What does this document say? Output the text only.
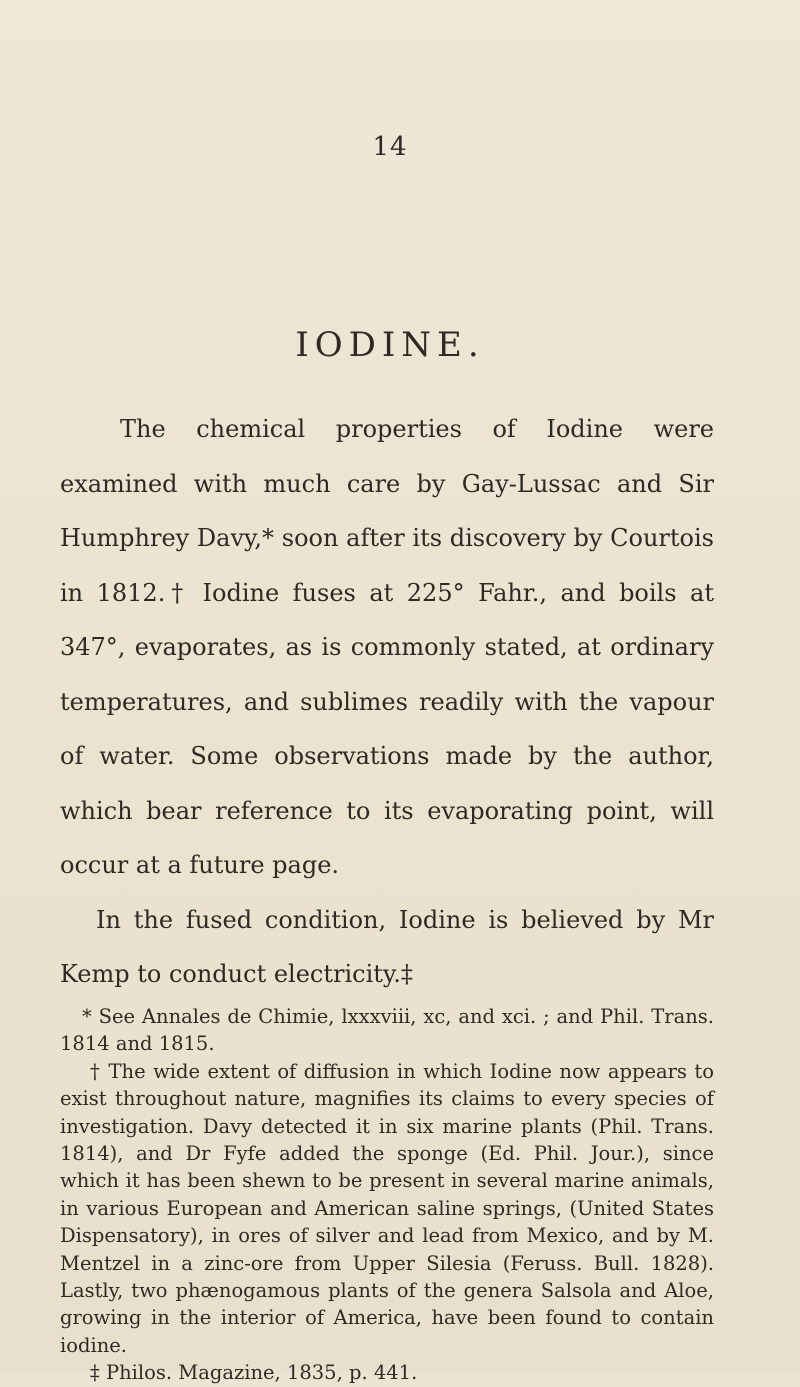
14
IODINE.

The chemical properties of Iodine were examined with much care by Gay-Lussac and Sir Humphrey Davy,* soon after its discovery by Courtois in 1812.† Iodine fuses at 225° Fahr., and boils at 347°, evaporates, as is commonly stated, at ordinary temperatures, and sublimes readily with the vapour of water. Some observations made by the author, which bear reference to its evaporating point, will occur at a future page.

In the fused condition, Iodine is believed by Mr Kemp to conduct electricity.‡

* See Annales de Chimie, lxxxviii, xc, and xci. ; and Phil. Trans. 1814 and 1815.

† The wide extent of diffusion in which Iodine now appears to exist throughout nature, magnifies its claims to every species of investigation. Davy detected it in six marine plants (Phil. Trans. 1814), and Dr Fyfe added the sponge (Ed. Phil. Jour.), since which it has been shewn to be present in several marine animals, in various European and American saline springs, (United States Dispensatory), in ores of silver and lead from Mexico, and by M. Mentzel in a zinc-ore from Upper Silesia (Feruss. Bull. 1828). Lastly, two phænogamous plants of the genera Salsola and Aloe, growing in the interior of America, have been found to contain iodine.

‡ Philos. Magazine, 1835, p. 441.
